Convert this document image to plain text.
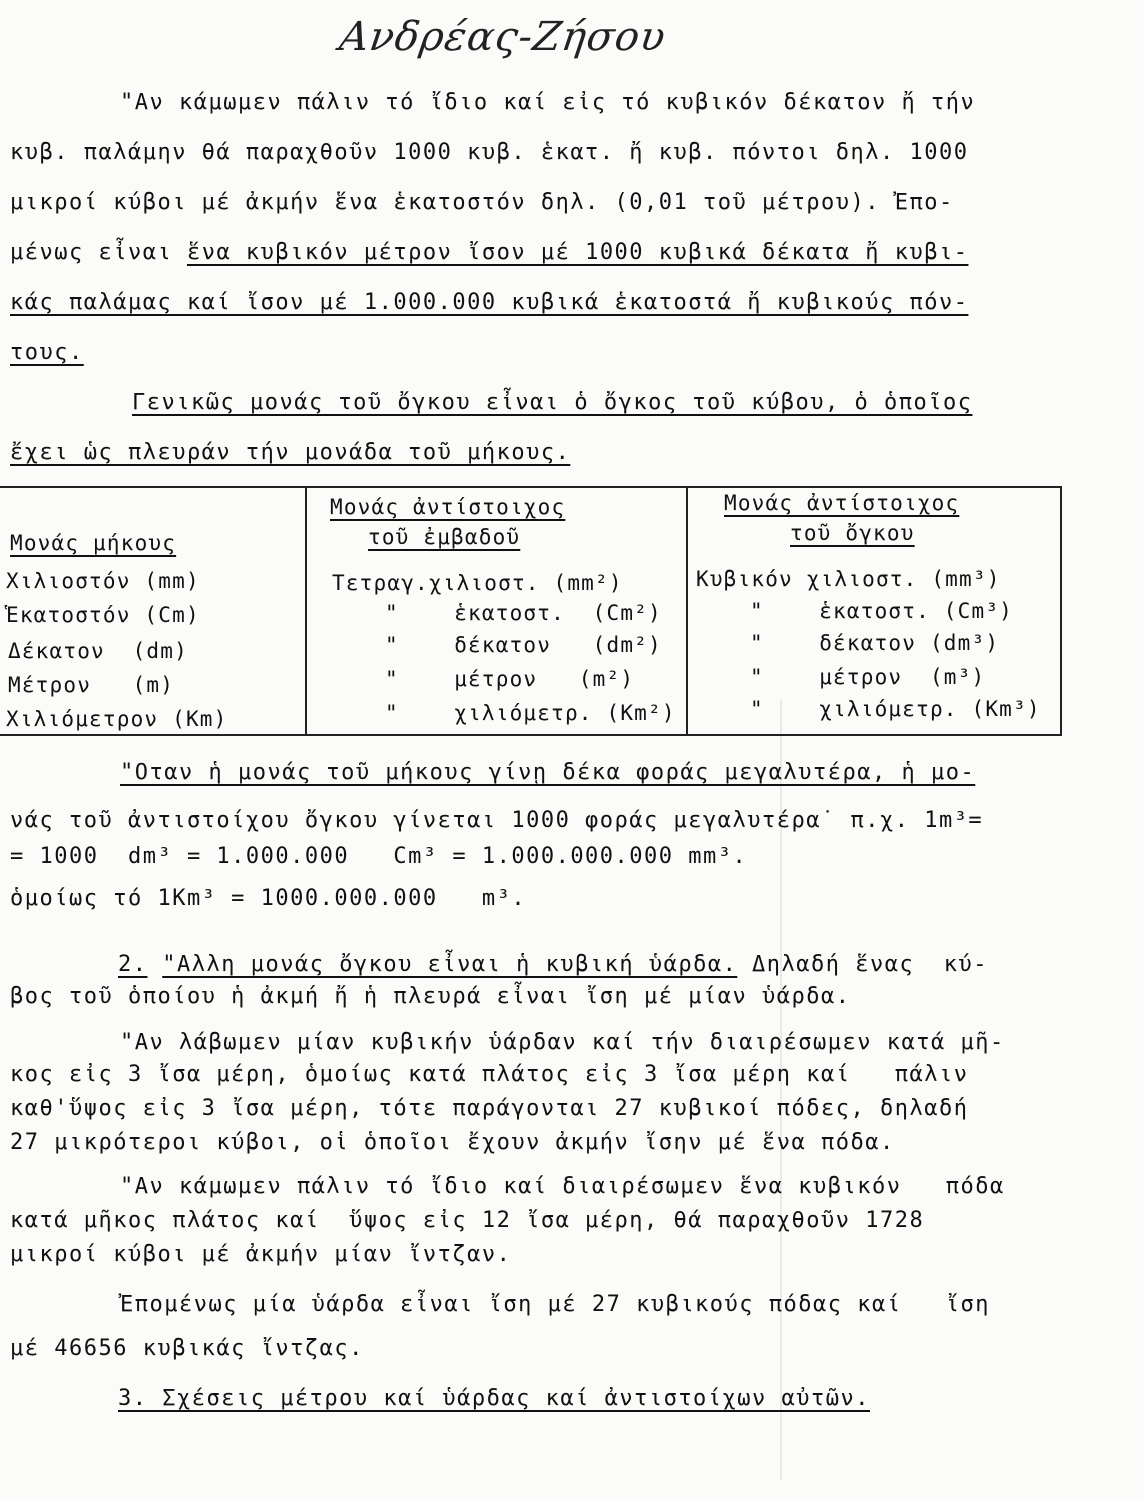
Ανδρέας-Ζήσου
"Αν κάμωμεν πάλιν τό ἴδιο καί εἰς τό κυβικόν δέκατον ἤ τήν
κυβ. παλάμην θά παραχθοῦν 1000 κυβ. ἑκατ. ἤ κυβ. πόντοι δηλ. 1000
μικροί κύβοι μέ ἀκμήν ἕνα ἑκατοστόν δηλ. (0,01 τοῦ μέτρου). Ἐπο-
μένως εἶναι ἕνα κυβικόν μέτρον ἴσον μέ 1000 κυβικά δέκατα ἤ κυβι-
κάς παλάμας καί ἴσον μέ 1.000.000 κυβικά ἑκατοστά ἤ κυβικούς πόν-
τους.
Γενικῶς μονάς τοῦ ὄγκου εἶναι ὁ ὄγκος τοῦ κύβου, ὁ ὁποῖος
ἔχει ὡς πλευράν τήν μονάδα τοῦ μήκους.
Μονάς μήκους
Μονάς ἀντίστοιχος
τοῦ ἐμβαδοῦ
Μονάς ἀντίστοιχος
τοῦ ὄγκου
Χιλιοστόν (mm)
Ἑκατοστόν (Cm)
Δέκατον  (dm)
Μέτρον   (m)
Χιλιόμετρον (Km)
Τετραγ.χιλιοστ. (mm²)
"    ἑκατοστ.  (Cm²)
"    δέκατον   (dm²)
"    μέτρον   (m²)
"    χιλιόμετρ. (Km²)
Κυβικόν χιλιοστ. (mm³)
"    ἑκατοστ. (Cm³)
"    δέκατον (dm³)
"    μέτρον  (m³)
"    χιλιόμετρ. (Km³)
"Οταν ἡ μονάς τοῦ μήκους γίνῃ δέκα φοράς μεγαλυτέρα, ἡ μο-
νάς τοῦ ἀντιστοίχου ὄγκου γίνεται 1000 φοράς μεγαλυτέρα˙ π.χ. 1m³=
= 1000  dm³ = 1.000.000   Cm³ = 1.000.000.000 mm³.
ὁμοίως τό 1Km³ = 1000.000.000   m³.
2. "Αλλη μονάς ὄγκου εἶναι ἡ κυβική ὑάρδα. Δηλαδή ἕνας  κύ-
βος τοῦ ὁποίου ἡ ἀκμή ἤ ἡ πλευρά εἶναι ἴση μέ μίαν ὑάρδα.
"Αν λάβωμεν μίαν κυβικήν ὑάρδαν καί τήν διαιρέσωμεν κατά μῆ-
κος εἰς 3 ἴσα μέρη, ὁμοίως κατά πλάτος εἰς 3 ἴσα μέρη καί   πάλιν
καθ'ὕψος εἰς 3 ἴσα μέρη, τότε παράγονται 27 κυβικοί πόδες, δηλαδή
27 μικρότεροι κύβοι, οἱ ὁποῖοι ἔχουν ἀκμήν ἴσην μέ ἕνα πόδα.
"Αν κάμωμεν πάλιν τό ἴδιο καί διαιρέσωμεν ἕνα κυβικόν   πόδα
κατά μῆκος πλάτος καί  ὕψος εἰς 12 ἴσα μέρη, θά παραχθοῦν 1728
μικροί κύβοι μέ ἀκμήν μίαν ἴντζαν.
Ἐπομένως μία ὑάρδα εἶναι ἴση μέ 27 κυβικούς πόδας καί   ἴση
μέ 46656 κυβικάς ἴντζας.
3. Σχέσεις μέτρου καί ὑάρδας καί ἀντιστοίχων αὐτῶν.
